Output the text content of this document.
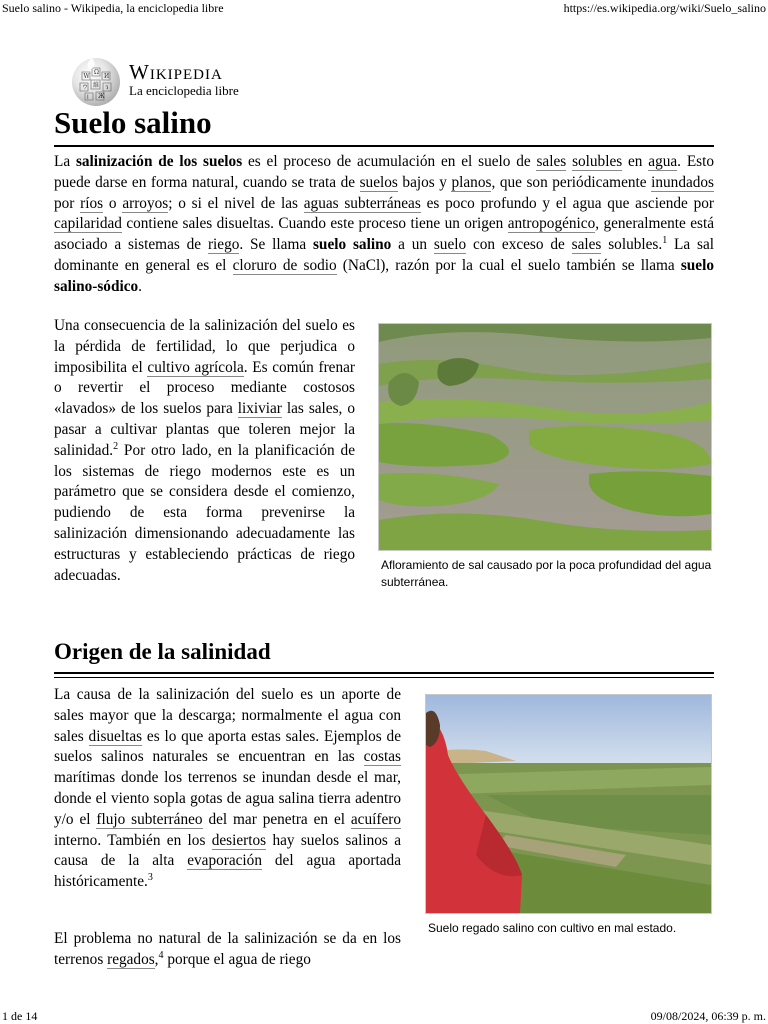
Suelo salino - Wikipedia, la enciclopedia libre	https://es.wikipedia.org/wiki/Suelo_salino
W
Ω
И
ウ 維 ว
ا Ж
Wikipedia
La enciclopedia libre
Suelo salino

La salinización de los suelos es el proceso de acumulación en el suelo de sales solubles en agua. Esto puede darse en forma natural, cuando se trata de suelos bajos y planos, que son periódicamente inundados por ríos o arroyos; o si el nivel de las aguas subterráneas es poco profundo y el agua que asciende por capilaridad contiene sales disueltas. Cuando este proceso tiene un origen antropogénico, generalmente está asociado a sistemas de riego. Se llama suelo salino a un suelo con exceso de sales solubles.$^1$ La sal dominante en general es el cloruro de sodio (NaCl), razón por la cual el suelo también se llama suelo salino-sódico.

Una consecuencia de la salinización del suelo es la pérdida de fertilidad, lo que perjudica o imposibilita el cultivo agrícola. Es común frenar o revertir el proceso mediante costosos «lavados» de los suelos para lixiviar las sales, o pasar a cultivar plantas que toleren mejor la salinidad.$^2$ Por otro lado, en la planificación de los sistemas de riego modernos este es un parámetro que se considera desde el comienzo, pudiendo de esta forma prevenirse la salinización dimensionando adecuadamente las estructuras y estableciendo prácticas de riego adecuadas.

Afloramiento de sal causado por la poca profundidad del agua subterránea.
Origen de la salinidad

La causa de la salinización del suelo es un aporte de sales mayor que la descarga; normalmente el agua con sales disueltas es lo que aporta estas sales. Ejemplos de suelos salinos naturales se encuentran en las costas marítimas donde los terrenos se inundan desde el mar, donde el viento sopla gotas de agua salina tierra adentro y/o el flujo subterráneo del mar penetra en el acuífero interno. También en los desiertos hay suelos salinos a causa de la alta evaporación del agua aportada históricamente.$^3$

Suelo regado salino con cultivo en mal estado.

El problema no natural de la salinización se da en los terrenos regados,$^4$ porque el agua de riego

1 de 14	09/08/2024, 06:39 p. m.
